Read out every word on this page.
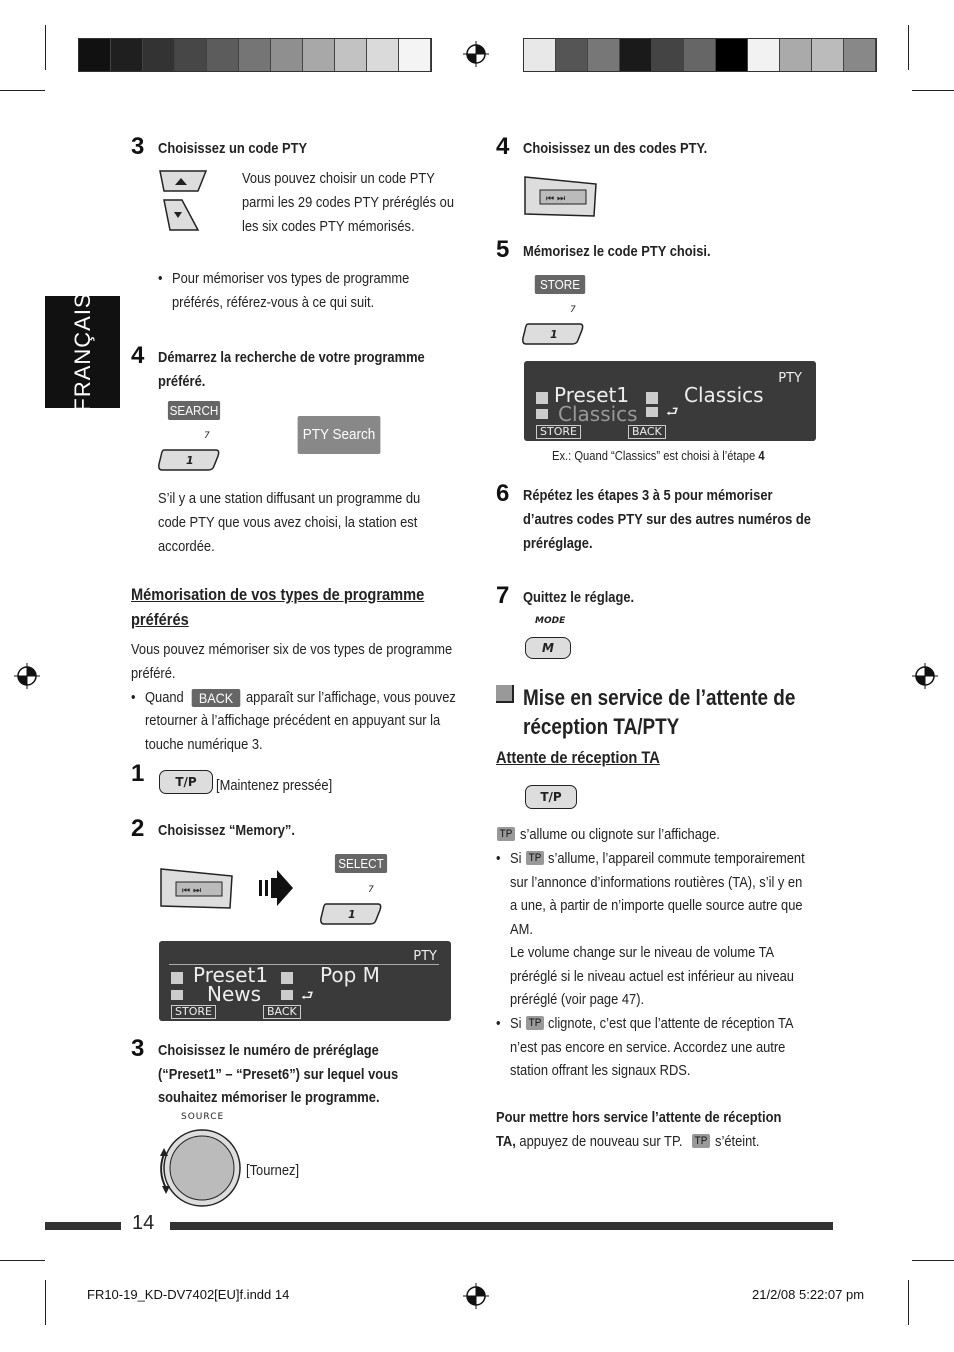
FRANÇAIS
3 Choisissez un code PTY
Vous pouvez choisir un code PTY
parmi les 29 codes PTY préréglés ou
les six codes PTY mémorisés.
• Pour mémoriser vos types de programme
préférés, référez-vous à ce qui suit.
4 Démarrez la recherche de votre programme
préféré.
SEARCH
7
1
PTY Search
S’il y a une station diffusant un programme du
code PTY que vous avez choisi, la station est
accordée.
Mémorisation de vos types de programme
préférés
Vous pouvez mémoriser six de vos types de programme
préféré.
• Quand	BACK apparaît sur l’affichage, vous pouvez
retourner à l’affichage précédent en appuyant sur la
touche numérique 3.
1	T/P	[Maintenez pressée]
2 Choisissez “Memory”.
⏮ ⏭
SELECT
7
1
PTY
Preset1
News	⮐
Pop M
STORE	BACK
3 Choisissez le numéro de préréglage
(“Preset1” – “Preset6”) sur lequel vous
souhaitez mémoriser le programme.
SOURCE
[Tournez]
4 Choisissez un des codes PTY.
⏮ ⏭
5 Mémorisez le code PTY choisi.
STORE
7
1
PTY
Preset1
Classics ⮐
Classics
STORE	BACK
Ex.: Quand “Classics” est choisi à l’étape 4
6 Répétez les étapes 3 à 5 pour mémoriser
d’autres codes PTY sur des autres numéros de
préréglage.
7 Quittez le réglage.
MODE
M
Mise en service de l’attente de
réception TA/PTY
Attente de réception TA
T/P
TP s’allume ou clignote sur l’affichage.
• Si TP s’allume, l’appareil commute temporairement
sur l’annonce d’informations routières (TA), s’il y en
a une, à partir de n’importe quelle source autre que
AM.
Le volume change sur le niveau de volume TA
préréglé si le niveau actuel est inférieur au niveau
préréglé (voir page 47).
• Si TP clignote, c’est que l’attente de réception TA
n’est pas encore en service. Accordez une autre
station offrant les signaux RDS.
Pour mettre hors service l’attente de réception
TA, appuyez de nouveau sur TP. TP s’éteint.
14
FR10-19_KD-DV7402[EU]f.indd 14	21/2/08 5:22:07 pm
